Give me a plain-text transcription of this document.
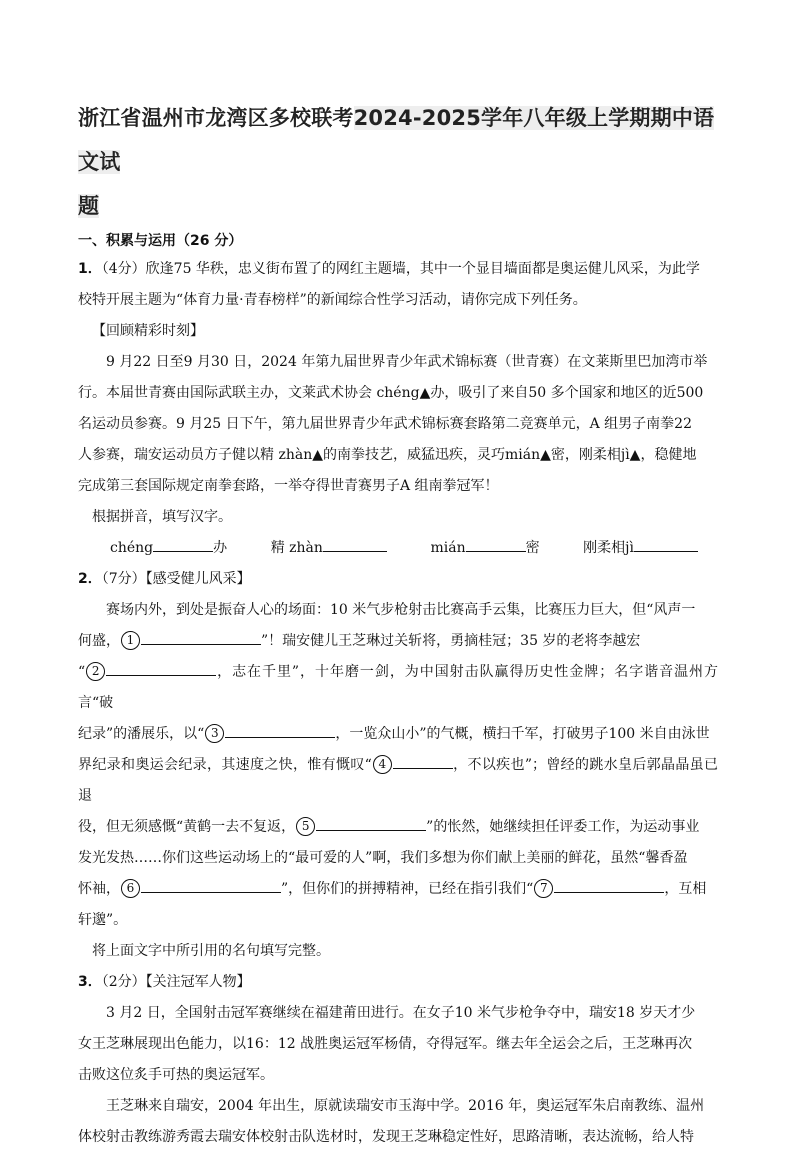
浙江省温州市龙湾区多校联考2024-2025学年八年级上学期期中语文试
题
一、积累与运用（26 分）

1．（4分）欣逢75 华秩，忠义街布置了的网红主题墙，其中一个显目墙面都是奥运健儿风采，为此学

校特开展主题为“体育力量·青春榜样”的新闻综合性学习活动，请你完成下列任务。

【回顾精彩时刻】

9 月22 日至9 月30 日，2024 年第九届世界青少年武术锦标赛（世青赛）在文莱斯里巴加湾市举

行。本届世青赛由国际武联主办，文莱武术协会 chéng▲办，吸引了来自50 多个国家和地区的近500

名运动员参赛。9 月25 日下午，第九届世界青少年武术锦标赛套路第二竞赛单元，A 组男子南拳22

人参赛，瑞安运动员方子健以精 zhàn▲的南拳技艺，威猛迅疾，灵巧mián▲密，刚柔相jì▲，稳健地

完成第三套国际规定南拳套路，一举夺得世青赛男子A 组南拳冠军！

根据拼音，填写汉字。

chéng	办	精 zhàn	mián	密	刚柔相jì

2．（7分）【感受健儿风采】

赛场内外，到处是振奋人心的场面：10 米气步枪射击比赛高手云集，比赛压力巨大，但“风声一

何盛， 1	”！瑞安健儿王芝琳过关斩将，勇摘桂冠；35 岁的老将李越宏

“ 2	，志在千里”，十年磨一剑，为中国射击队赢得历史性金牌；名字谐音温州方言“破

纪录”的潘展乐，以“ 3	，一览众山小”的气概，横扫千军，打破男子100 米自由泳世

界纪录和奥运会纪录，其速度之快，惟有慨叹“ 4	，不以疾也”；曾经的跳水皇后郭晶晶虽已退

役，但无须感慨“黄鹤一去不复返， 5	”的怅然，她继续担任评委工作，为运动事业

发光发热……你们这些运动场上的“最可爱的人”啊，我们多想为你们献上美丽的鲜花，虽然“馨香盈

怀袖， 6	”，但你们的拼搏精神，已经在指引我们“ 7	，互相

轩邈”。

将上面文字中所引用的名句填写完整。

3．（2分）【关注冠军人物】

3 月2 日，全国射击冠军赛继续在福建莆田进行。在女子10 米气步枪争夺中，瑞安18 岁天才少

女王芝琳展现出色能力，以16：12 战胜奥运冠军杨倩，夺得冠军。继去年全运会之后，王芝琳再次

击败这位炙手可热的奥运冠军。

王芝琳来自瑞安，2004 年出生，原就读瑞安市玉海中学。2016 年，奥运冠军朱启南教练、温州

体校射击教练游秀霞去瑞安体校射击队选材时，发现王芝琳稳定性好，思路清晰，表达流畅，给人特
